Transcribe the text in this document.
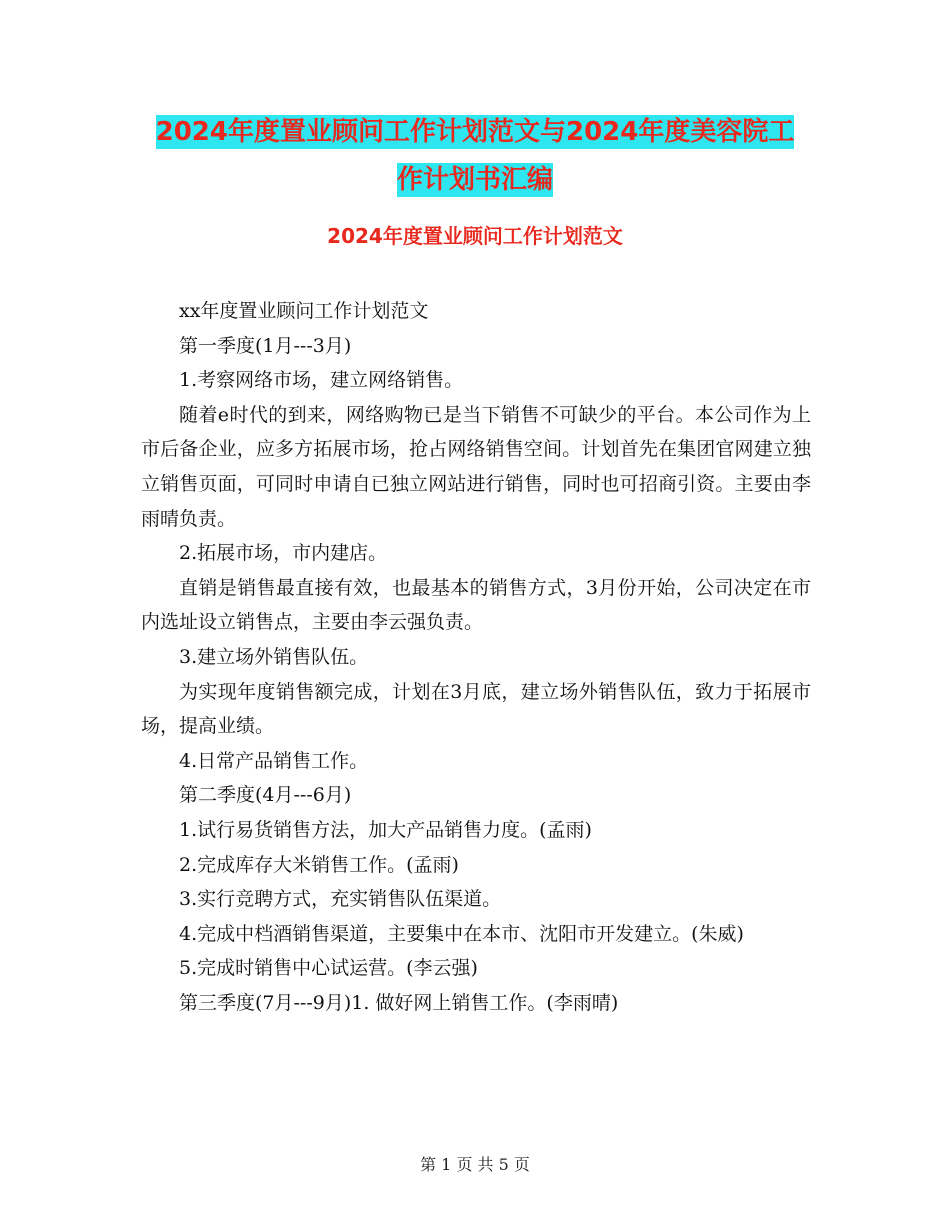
2024年度置业顾问工作计划范文与2024年度美容院工
作计划书汇编
2024年度置业顾问工作计划范文

xx年度置业顾问工作计划范文

第一季度(1月---3月)

1.考察网络市场，建立网络销售。

随着e时代的到来，网络购物已是当下销售不可缺少的平台。本公司作为上市后备企业，应多方拓展市场，抢占网络销售空间。计划首先在集团官网建立独立销售页面，可同时申请自已独立网站进行销售，同时也可招商引资。主要由李雨晴负责。

2.拓展市场，市内建店。

直销是销售最直接有效，也最基本的销售方式，3月份开始，公司决定在市内选址设立销售点，主要由李云强负责。

3.建立场外销售队伍。

为实现年度销售额完成，计划在3月底，建立场外销售队伍，致力于拓展市场，提高业绩。

4.日常产品销售工作。

第二季度(4月---6月)

1.试行易货销售方法，加大产品销售力度。(孟雨)

2.完成库存大米销售工作。(孟雨)

3.实行竞聘方式，充实销售队伍渠道。

4.完成中档酒销售渠道，主要集中在本市、沈阳市开发建立。(朱威)

5.完成时销售中心试运营。(李云强)

第三季度(7月---9月)1. 做好网上销售工作。(李雨晴)

第 1 页 共 5 页
